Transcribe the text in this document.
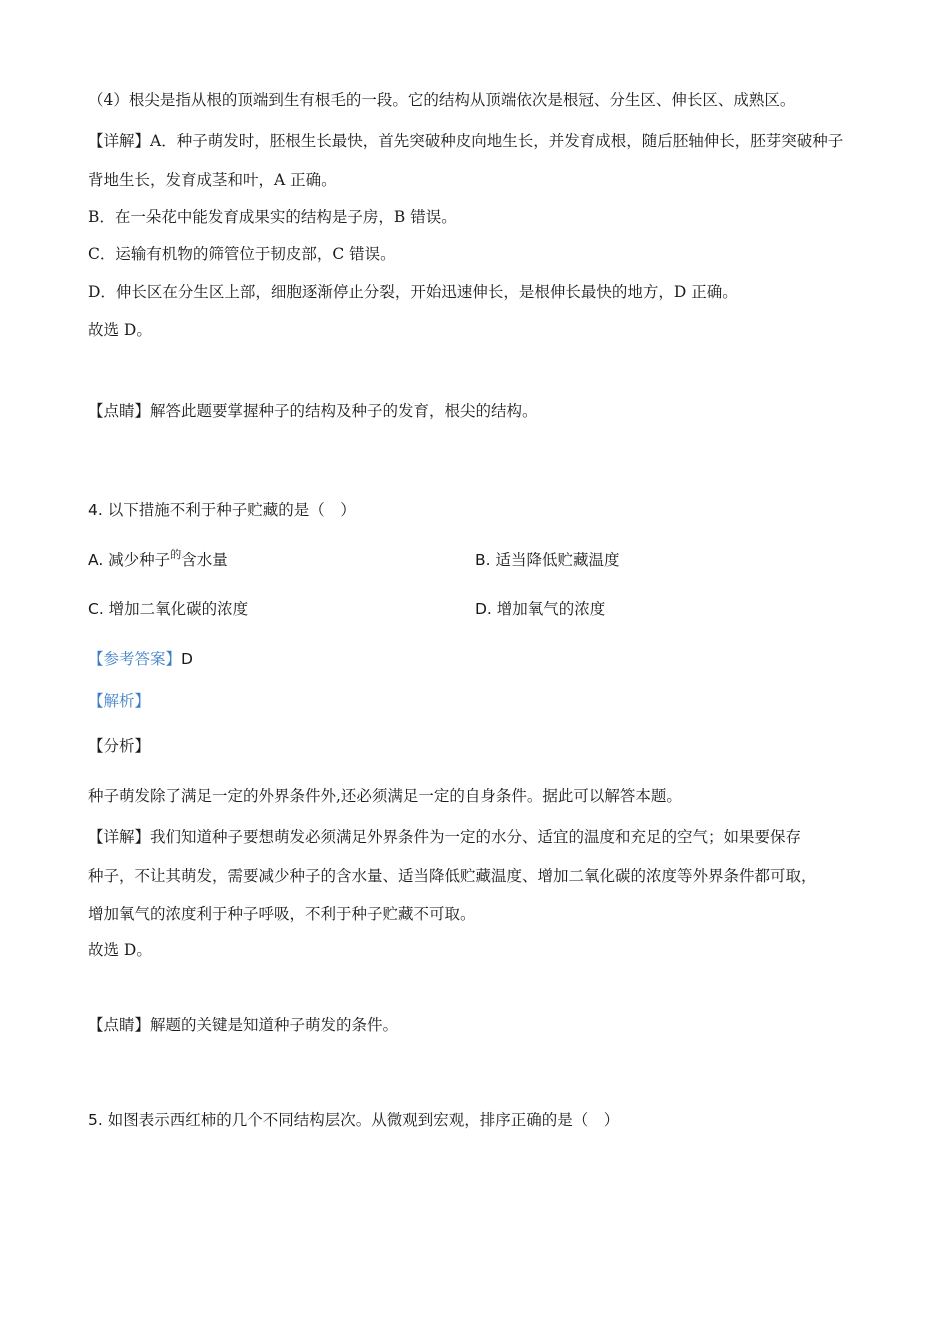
（4）根尖是指从根的顶端到生有根毛的一段。它的结构从顶端依次是根冠、分生区、伸长区、成熟区。
【详解】A．种子萌发时，胚根生长最快，首先突破种皮向地生长，并发育成根，随后胚轴伸长，胚芽突破种子
背地生长，发育成茎和叶，A 正确。
B．在一朵花中能发育成果实的结构是子房，B 错误。
C．运输有机物的筛管位于韧皮部，C 错误。
D．伸长区在分生区上部，细胞逐渐停止分裂，开始迅速伸长，是根伸长最快的地方，D 正确。
故选 D。
【点睛】解答此题要掌握种子的结构及种子的发育，根尖的结构。
4. 以下措施不利于种子贮藏的是（　）
A. 减少种子$^的$含水量	B. 适当降低贮藏温度
C. 增加二氧化碳的浓度	D. 增加氧气的浓度
【参考答案】D
【解析】
【分析】
种子萌发除了满足一定的外界条件外,还必须满足一定的自身条件。据此可以解答本题。
【详解】我们知道种子要想萌发必须满足外界条件为一定的水分、适宜的温度和充足的空气；如果要保存
种子，不让其萌发，需要减少种子的含水量、适当降低贮藏温度、增加二氧化碳的浓度等外界条件都可取，
增加氧气的浓度利于种子呼吸，不利于种子贮藏不可取。
故选 D。
【点睛】解题的关键是知道种子萌发的条件。
5. 如图表示西红柿的几个不同结构层次。从微观到宏观，排序正确的是（　）
